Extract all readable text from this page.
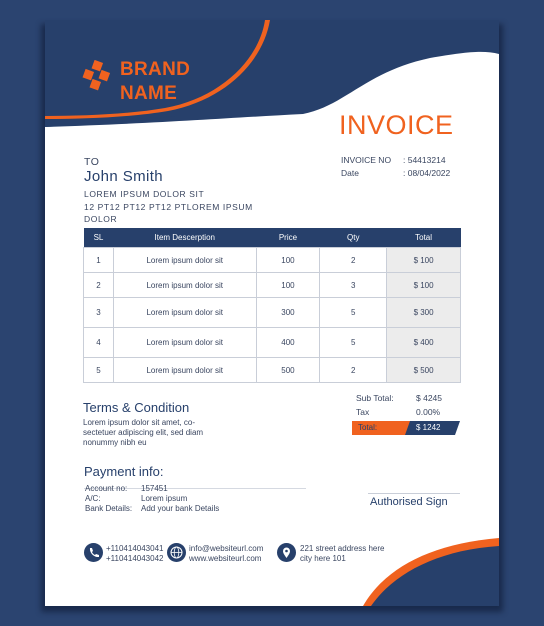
BRAND
NAME
INVOICE
TO
John Smith
LOREM IPSUM DOLOR SIT
12 PT12 PT12 PT12 PTLOREM IPSUM
DOLOR
INVOICE NO : 54413214
Date	: 08/04/2022
SL	Item Descerption	Price	Qty	Total
1	Lorem ipsum dolor sit	100	2	$ 100
2	Lorem ipsum dolor sit	100	3	$ 100
3	Lorem ipsum dolor sit	300	5	$ 300
4	Lorem ipsum dolor sit	400	5	$ 400
5	Lorem ipsum dolor sit	500	2	$ 500
Terms & Condition
Lorem ipsum dolor sit amet, co-
sectetuer adipiscing elit, sed diam
nonummy nibh eu
Sub Total:	$ 4245
Tax	0.00%
Total:	$ 1242
Payment info:
Account no: 157451
A/C:	Lorem ipsum
Bank Details: Add your bank Details
Authorised Sign
+110414043041
+110414043042
info@websiteurl.com
www.websiteurl.com
221 street address here
city here 101
